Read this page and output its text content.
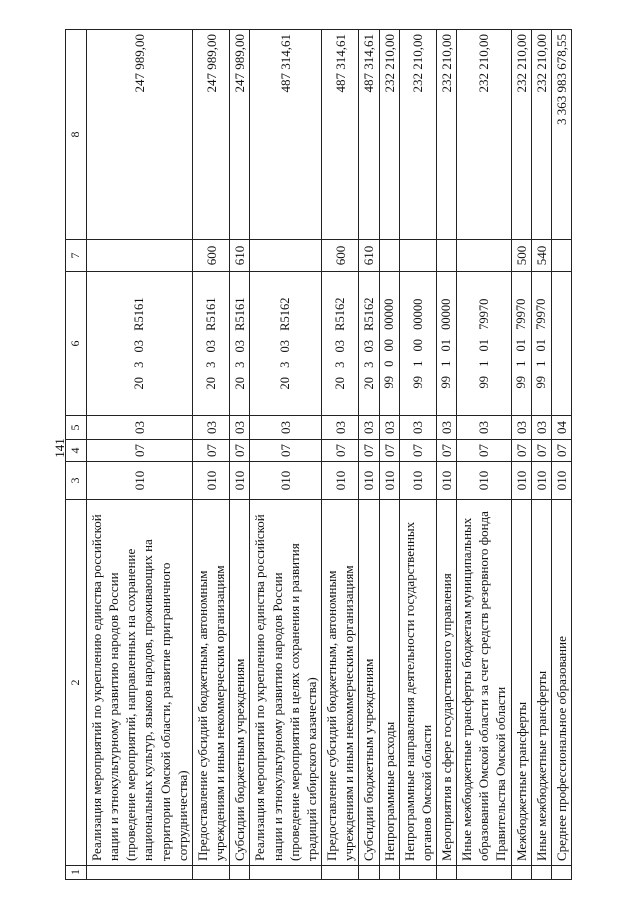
141
1	2	3	4	5	6	7	8
	Реализация мероприятий по укреплению единства российской нации и этнокультурному развитию народов России (проведение мероприятий, направленных на сохранение национальных культур, языков народов, проживающих на территории Омской области, развитие приграничного сотрудничества)	010	07	03	20 3 03 R5161		247 989,00
	Предоставление субсидий бюджетным, автономным учреждениям и иным некоммерческим организациям	010	07	03	20 3 03 R5161	600	247 989,00
	Субсидии бюджетным учреждениям	010	07	03	20 3 03 R5161	610	247 989,00
	Реализация мероприятий по укреплению единства российской нации и этнокультурному развитию народов России (проведение мероприятий в целях сохранения и развития традиций сибирского казачества)	010	07	03	20 3 03 R5162		487 314,61
	Предоставление субсидий бюджетным, автономным учреждениям и иным некоммерческим организациям	010	07	03	20 3 03 R5162	600	487 314,61
	Субсидии бюджетным учреждениям	010	07	03	20 3 03 R5162	610	487 314,61
	Непрограммные расходы	010	07	03	99 0 00 00000		232 210,00
	Непрограммные направления деятельности государственных органов Омской области	010	07	03	99 1 00 00000		232 210,00
	Мероприятия в сфере государственного управления	010	07	03	99 1 01 00000		232 210,00
	Иные межбюджетные трансферты бюджетам муниципальных образований Омской области за счет средств резервного фонда Правительства Омской области	010	07	03	99 1 01 79970		232 210,00
	Межбюджетные трансферты	010	07	03	99 1 01 79970	500	232 210,00
	Иные межбюджетные трансферты	010	07	03	99 1 01 79970	540	232 210,00
	Среднее профессиональное образование	010	07	04			3 363 983 678,55
